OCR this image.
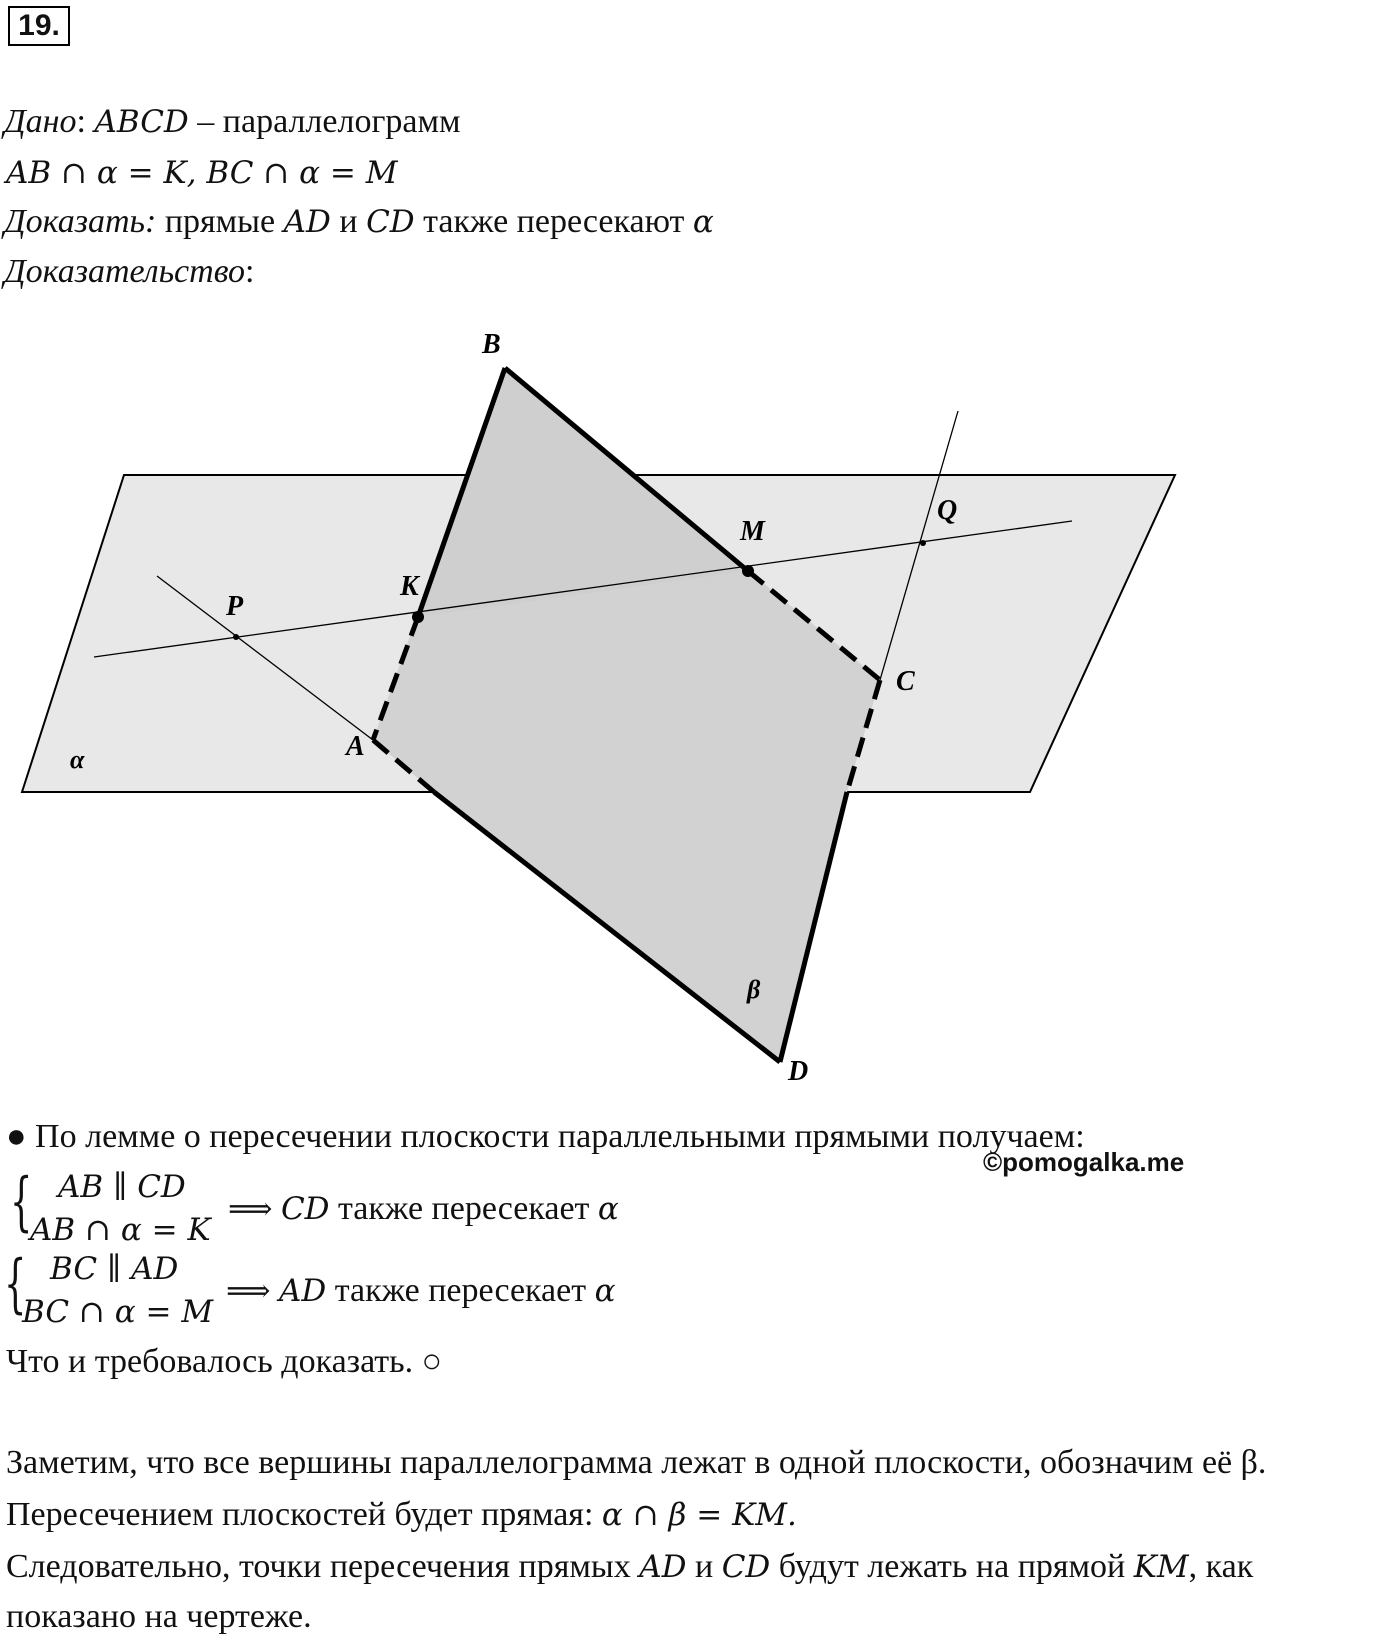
19.
Дано: ABCD – параллелограмм
AB ∩ α = K, BC ∩ α = M
Доказать: прямые AD и CD также пересекают α
Доказательство:
B
M
Q
K
P
C
A
D
α
β
● По лемме о пересечении плоскости параллельными прямыми получаем:
©pomogalka.me
{ AB ∥ CD
AB ∩ α = K
⟹ CD также пересекает α
{ BC ∥ AD
BC ∩ α = M
⟹ AD также пересекает α
Что и требовалось доказать. ○
Заметим, что все вершины параллелограмма лежат в одной плоскости, обозначим её β.
Пересечением плоскостей будет прямая: α ∩ β = KM.
Следовательно, точки пересечения прямых AD и CD будут лежать на прямой KM, как
показано на чертеже.
